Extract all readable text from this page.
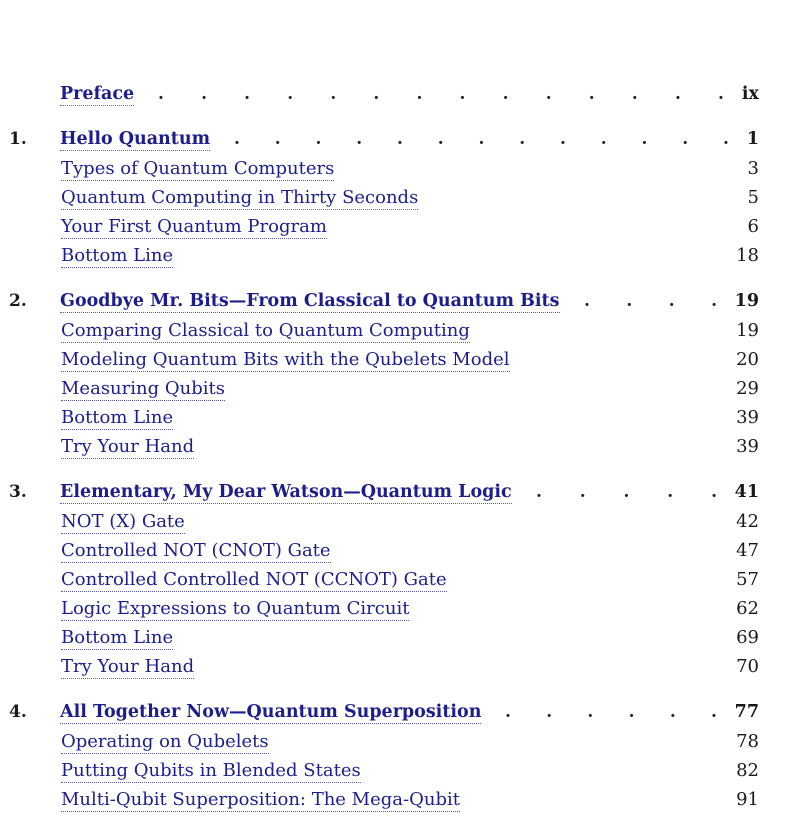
Preface	ix
. . . . . . . . . . . . . .
1. Hello Quantum	1
. . . . . . . . . . . . .
Types of Quantum Computers	3
Quantum Computing in Thirty Seconds	5
Your First Quantum Program	6
Bottom Line	18
2. Goodbye Mr. Bits—From Classical to Quantum Bits	19
. . . .
Comparing Classical to Quantum Computing	19
Modeling Quantum Bits with the Qubelets Model	20
Measuring Qubits	29
Bottom Line	39
Try Your Hand	39
3. Elementary, My Dear Watson—Quantum Logic	41
. . . . .
NOT (X) Gate	42
Controlled NOT (CNOT) Gate	47
Controlled Controlled NOT (CCNOT) Gate	57
Logic Expressions to Quantum Circuit	62
Bottom Line	69
Try Your Hand	70
4. All Together Now—Quantum Superposition	77
. . . . . .
Operating on Qubelets	78
Putting Qubits in Blended States	82
Multi-Qubit Superposition: The Mega-Qubit	91
